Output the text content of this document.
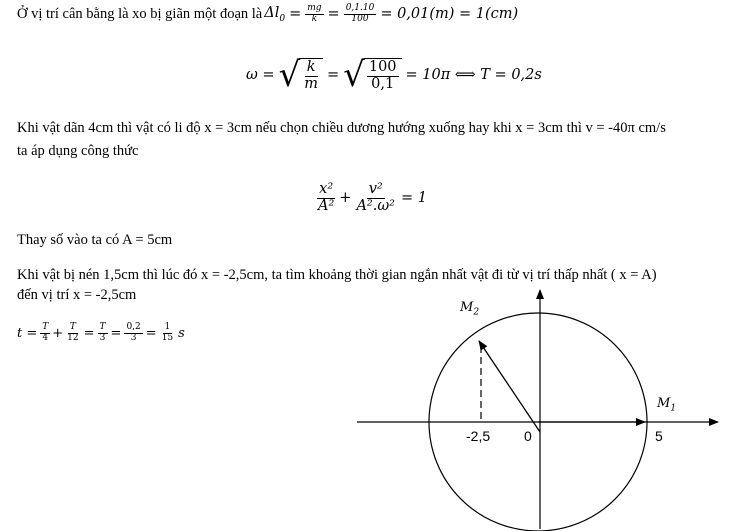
Ở vị trí cân bằng là xo bị giãn một đoạn là $\Delta l_0 = \frac{mg}{k} = \frac{0,1.10}{100} = 0,01(m) = 1(cm)$
ω = √ $\frac{k}{m}$ = √ $\frac{100}{0,1} = 10\pi$ ⟺ T = 0,2s
Khi vật dãn 4cm thì vật có li độ x = 3cm nếu chọn chiều dương hướng xuống hay khi x = 3cm thì v = -40π cm/s
ta áp dụng công thức
$\frac{\text{x²}}{\text{A²}} + \frac{\text{v²}}{\text{A².ω²}} = 1$
Thay số vào ta có A = 5cm
Khi vật bị nén 1,5cm thì lúc đó x = -2,5cm, ta tìm khoảng thời gian ngắn nhất vật đi từ vị trí thấp nhất ( x = A)
đến vị trí x = -2,5cm
$t = \frac{T}{4} + \frac{T}{12} = \frac{T}{3} = \frac{0,2}{3} = \frac{1}{15}$ s
$M_2$
$M_1$
-2,5 0	5
